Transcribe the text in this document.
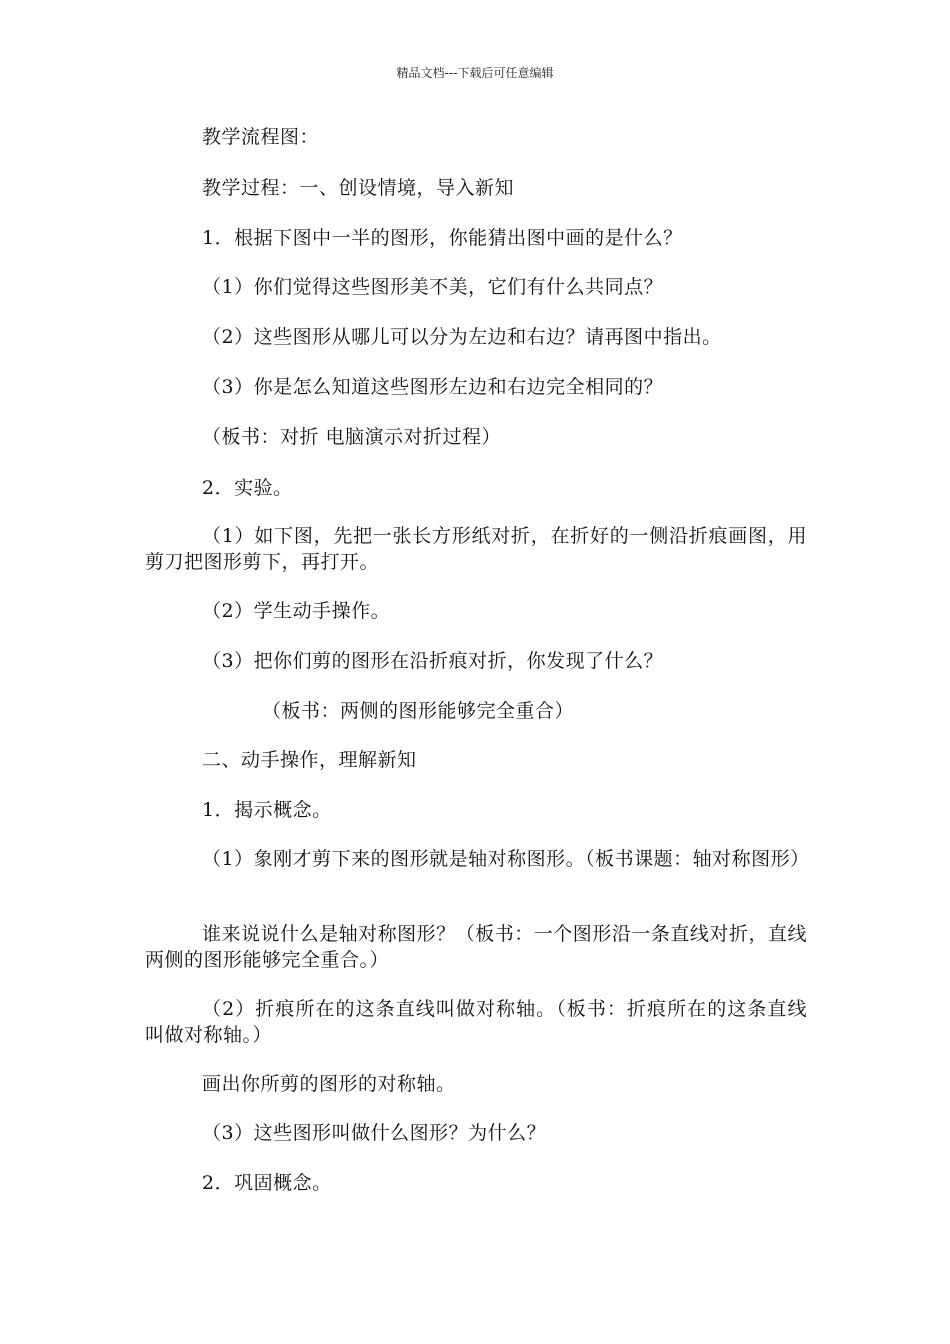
精品文档---下载后可任意编辑
教学流程图：
教学过程：一、创设情境，导入新知
1．根据下图中一半的图形，你能猜出图中画的是什么？
（1）你们觉得这些图形美不美，它们有什么共同点？
（2）这些图形从哪儿可以分为左边和右边？请再图中指出。
（3）你是怎么知道这些图形左边和右边完全相同的？
（板书：对折 电脑演示对折过程）
2．实验。
（1）如下图，先把一张长方形纸对折，在折好的一侧沿折痕画图，用剪刀把图形剪下，再打开。
（2）学生动手操作。
（3）把你们剪的图形在沿折痕对折，你发现了什么？
（板书：两侧的图形能够完全重合）
二、动手操作，理解新知
1．揭示概念。
（1）象刚才剪下来的图形就是轴对称图形。（板书课题：轴对称图形）
谁来说说什么是轴对称图形？（板书：一个图形沿一条直线对折，直线两侧的图形能够完全重合。）
（2）折痕所在的这条直线叫做对称轴。（板书：折痕所在的这条直线叫做对称轴。）
画出你所剪的图形的对称轴。
（3）这些图形叫做什么图形？为什么？
2．巩固概念。
